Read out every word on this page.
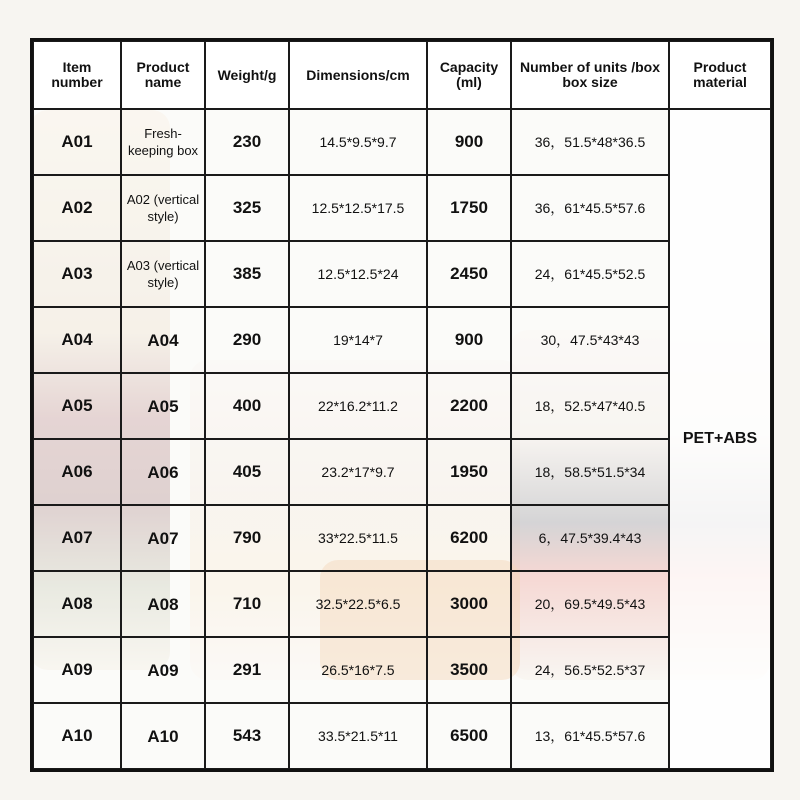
Item number	Product name	Weight/g	Dimensions/cm	Capacity (ml)	Number of units /box box size	Product material
A01	Fresh-keeping box	230	14.5*9.5*9.7	900	36，51.5*48*36.5	PET+ABS
A02	A02 (vertical style)	325	12.5*12.5*17.5	1750	36，61*45.5*57.6	
A03	A03 (vertical style)	385	12.5*12.5*24	2450	24，61*45.5*52.5	
A04	A04	290	19*14*7	900	30，47.5*43*43	
A05	A05	400	22*16.2*11.2	2200	18，52.5*47*40.5	
A06	A06	405	23.2*17*9.7	1950	18，58.5*51.5*34	
A07	A07	790	33*22.5*11.5	6200	6，47.5*39.4*43	
A08	A08	710	32.5*22.5*6.5	3000	20，69.5*49.5*43	
A09	A09	291	26.5*16*7.5	3500	24，56.5*52.5*37	
A10	A10	543	33.5*21.5*11	6500	13，61*45.5*57.6	
